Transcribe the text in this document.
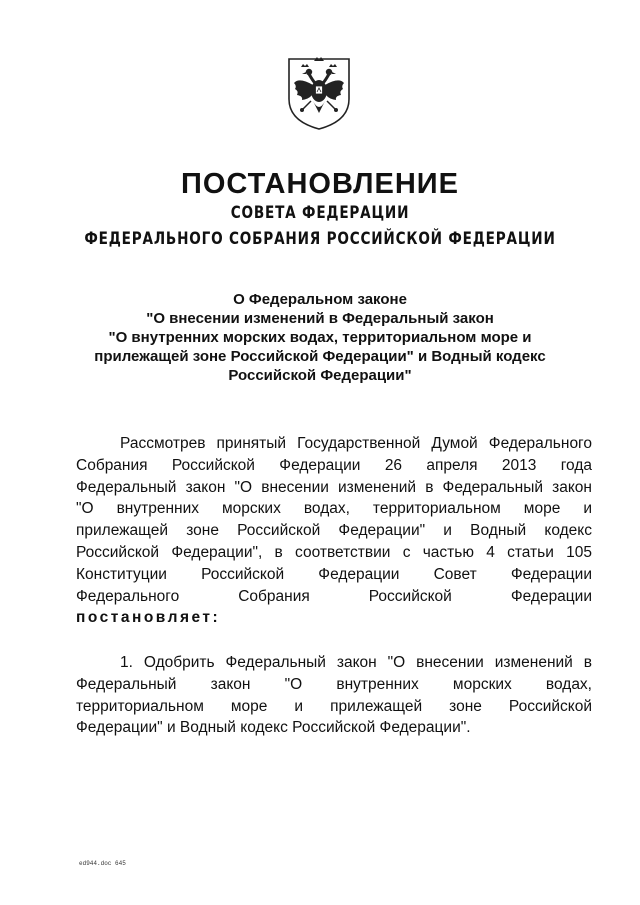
ПОСТАНОВЛЕНИЕ
СОВЕТА ФЕДЕРАЦИИ
ФЕДЕРАЛЬНОГО СОБРАНИЯ РОССИЙСКОЙ ФЕДЕРАЦИИ
О Федеральном законе
"О внесении изменений в Федеральный закон
"О внутренних морских водах, территориальном море и
прилежащей зоне Российской Федерации" и Водный кодекс
Российской Федерации"
Рассмотрев принятый Государственной Думой Федерального
Собрания Российской Федерации 26 апреля 2013 года
Федеральный закон "О внесении изменений в Федеральный закон
"О внутренних морских водах, территориальном море и
прилежащей зоне Российской Федерации" и Водный кодекс
Российской Федерации", в соответствии с частью 4 статьи 105
Конституции Российской Федерации Совет Федерации
Федерального Собрания Российской Федерации
постановляет:
1. Одобрить Федеральный закон "О внесении изменений в
Федеральный закон "О внутренних морских водах,
территориальном море и прилежащей зоне Российской
Федерации" и Водный кодекс Российской Федерации".
ed944.doc 645
